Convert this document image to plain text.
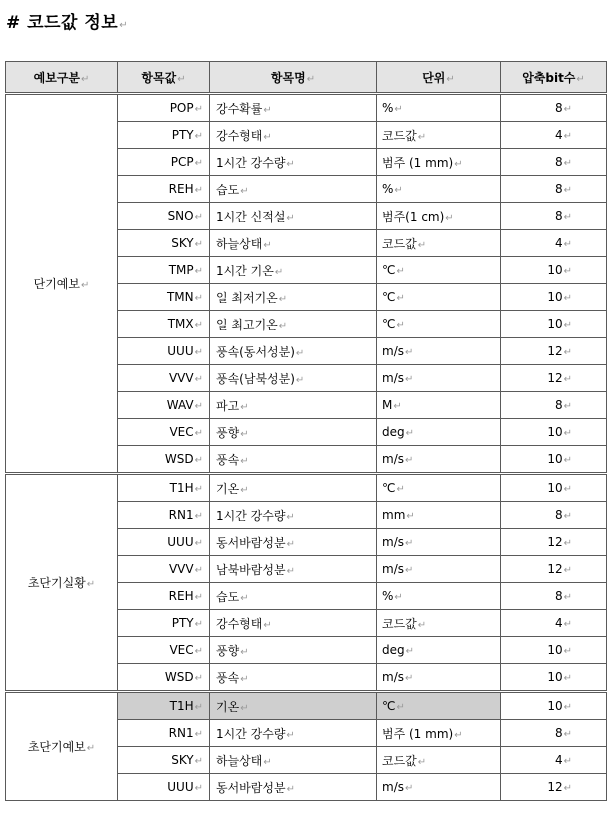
# 코드값 정보↵
예보구분↵	항목값↵	항목명↵	단위↵	압축bit수↵
단기예보↵	POP↵	강수확률↵	%↵	8↵
	PTY↵	강수형태↵	코드값↵	4↵
	PCP↵	1시간 강수량↵	범주 (1 mm)↵	8↵
	REH↵	습도↵	%↵	8↵
	SNO↵	1시간 신적설↵	범주(1 cm)↵	8↵
	SKY↵	하늘상태↵	코드값↵	4↵
	TMP↵	1시간 기온↵	℃↵	10↵
	TMN↵	일 최저기온↵	℃↵	10↵
	TMX↵	일 최고기온↵	℃↵	10↵
	UUU↵	풍속(동서성분)↵	m/s↵	12↵
	VVV↵	풍속(남북성분)↵	m/s↵	12↵
	WAV↵	파고↵	M↵	8↵
	VEC↵	풍향↵	deg↵	10↵
	WSD↵	풍속↵	m/s↵	10↵
초단기실황↵	T1H↵	기온↵	℃↵	10↵
	RN1↵	1시간 강수량↵	mm↵	8↵
	UUU↵	동서바람성분↵	m/s↵	12↵
	VVV↵	남북바람성분↵	m/s↵	12↵
	REH↵	습도↵	%↵	8↵
	PTY↵	강수형태↵	코드값↵	4↵
	VEC↵	풍향↵	deg↵	10↵
	WSD↵	풍속↵	m/s↵	10↵
초단기예보↵	T1H↵	기온↵	℃↵	10↵
	RN1↵	1시간 강수량↵	범주 (1 mm)↵	8↵
	SKY↵	하늘상태↵	코드값↵	4↵
	UUU↵	동서바람성분↵	m/s↵	12↵
